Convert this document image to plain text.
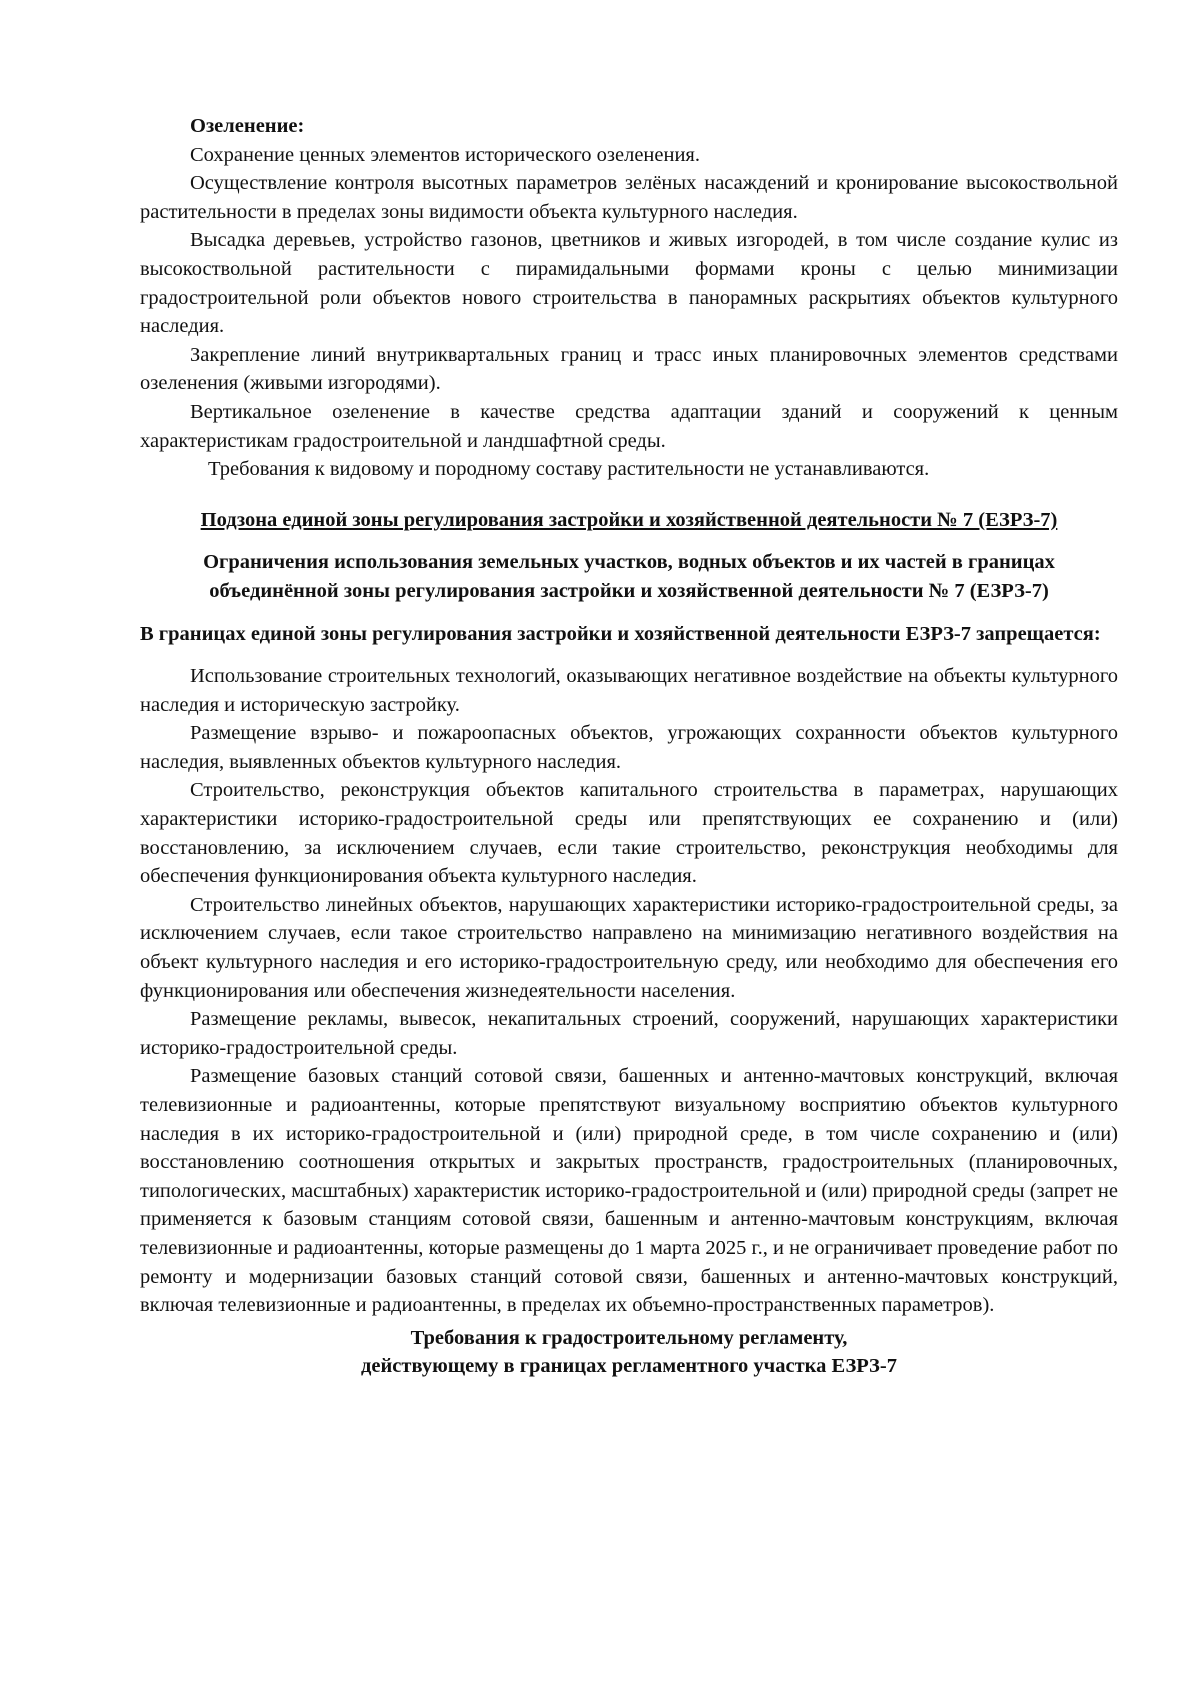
Озеленение:

Сохранение ценных элементов исторического озеленения.

Осуществление контроля высотных параметров зелёных насаждений и кронирование высокоствольной растительности в пределах зоны видимости объекта культурного наследия.

Высадка деревьев, устройство газонов, цветников и живых изгородей, в том числе создание кулис из высокоствольной растительности с пирамидальными формами кроны с целью минимизации градостроительной роли объектов нового строительства в панорамных раскрытиях объектов культурного наследия.

Закрепление линий внутриквартальных границ и трасс иных планировочных элементов средствами озеленения (живыми изгородями).

Вертикальное озеленение в качестве средства адаптации зданий и сооружений к ценным характеристикам градостроительной и ландшафтной среды.

Требования к видовому и породному составу растительности не устанавливаются.

Подзона единой зоны регулирования застройки и хозяйственной деятельности № 7 (ЕЗРЗ-7)

Ограничения использования земельных участков, водных объектов и их частей в границах объединённой зоны регулирования застройки и хозяйственной деятельности № 7 (ЕЗРЗ-7)

В границах единой зоны регулирования застройки и хозяйственной деятельности ЕЗРЗ-7 запрещается:

Использование строительных технологий, оказывающих негативное воздействие на объекты культурного наследия и историческую застройку.

Размещение взрыво- и пожароопасных объектов, угрожающих сохранности объектов культурного наследия, выявленных объектов культурного наследия.

Строительство, реконструкция объектов капитального строительства в параметрах, нарушающих характеристики историко-градостроительной среды или препятствующих ее сохранению и (или) восстановлению, за исключением случаев, если такие строительство, реконструкция необходимы для обеспечения функционирования объекта культурного наследия.

Строительство линейных объектов, нарушающих характеристики историко-градостроительной среды, за исключением случаев, если такое строительство направлено на минимизацию негативного воздействия на объект культурного наследия и его историко-градостроительную среду, или необходимо для обеспечения его функционирования или обеспечения жизнедеятельности населения.

Размещение рекламы, вывесок, некапитальных строений, сооружений, нарушающих характеристики историко-градостроительной среды.

Размещение базовых станций сотовой связи, башенных и антенно-мачтовых конструкций, включая телевизионные и радиоантенны, которые препятствуют визуальному восприятию объектов культурного наследия в их историко-градостроительной и (или) природной среде, в том числе сохранению и (или) восстановлению соотношения открытых и закрытых пространств, градостроительных (планировочных, типологических, масштабных) характеристик историко-градостроительной и (или) природной среды (запрет не применяется к базовым станциям сотовой связи, башенным и антенно-мачтовым конструкциям, включая телевизионные и радиоантенны, которые размещены до 1 марта 2025 г., и не ограничивает проведение работ по ремонту и модернизации базовых станций сотовой связи, башенных и антенно-мачтовых конструкций, включая телевизионные и радиоантенны, в пределах их объемно-пространственных параметров).

Требования к градостроительному регламенту,
действующему в границах регламентного участка ЕЗРЗ-7
